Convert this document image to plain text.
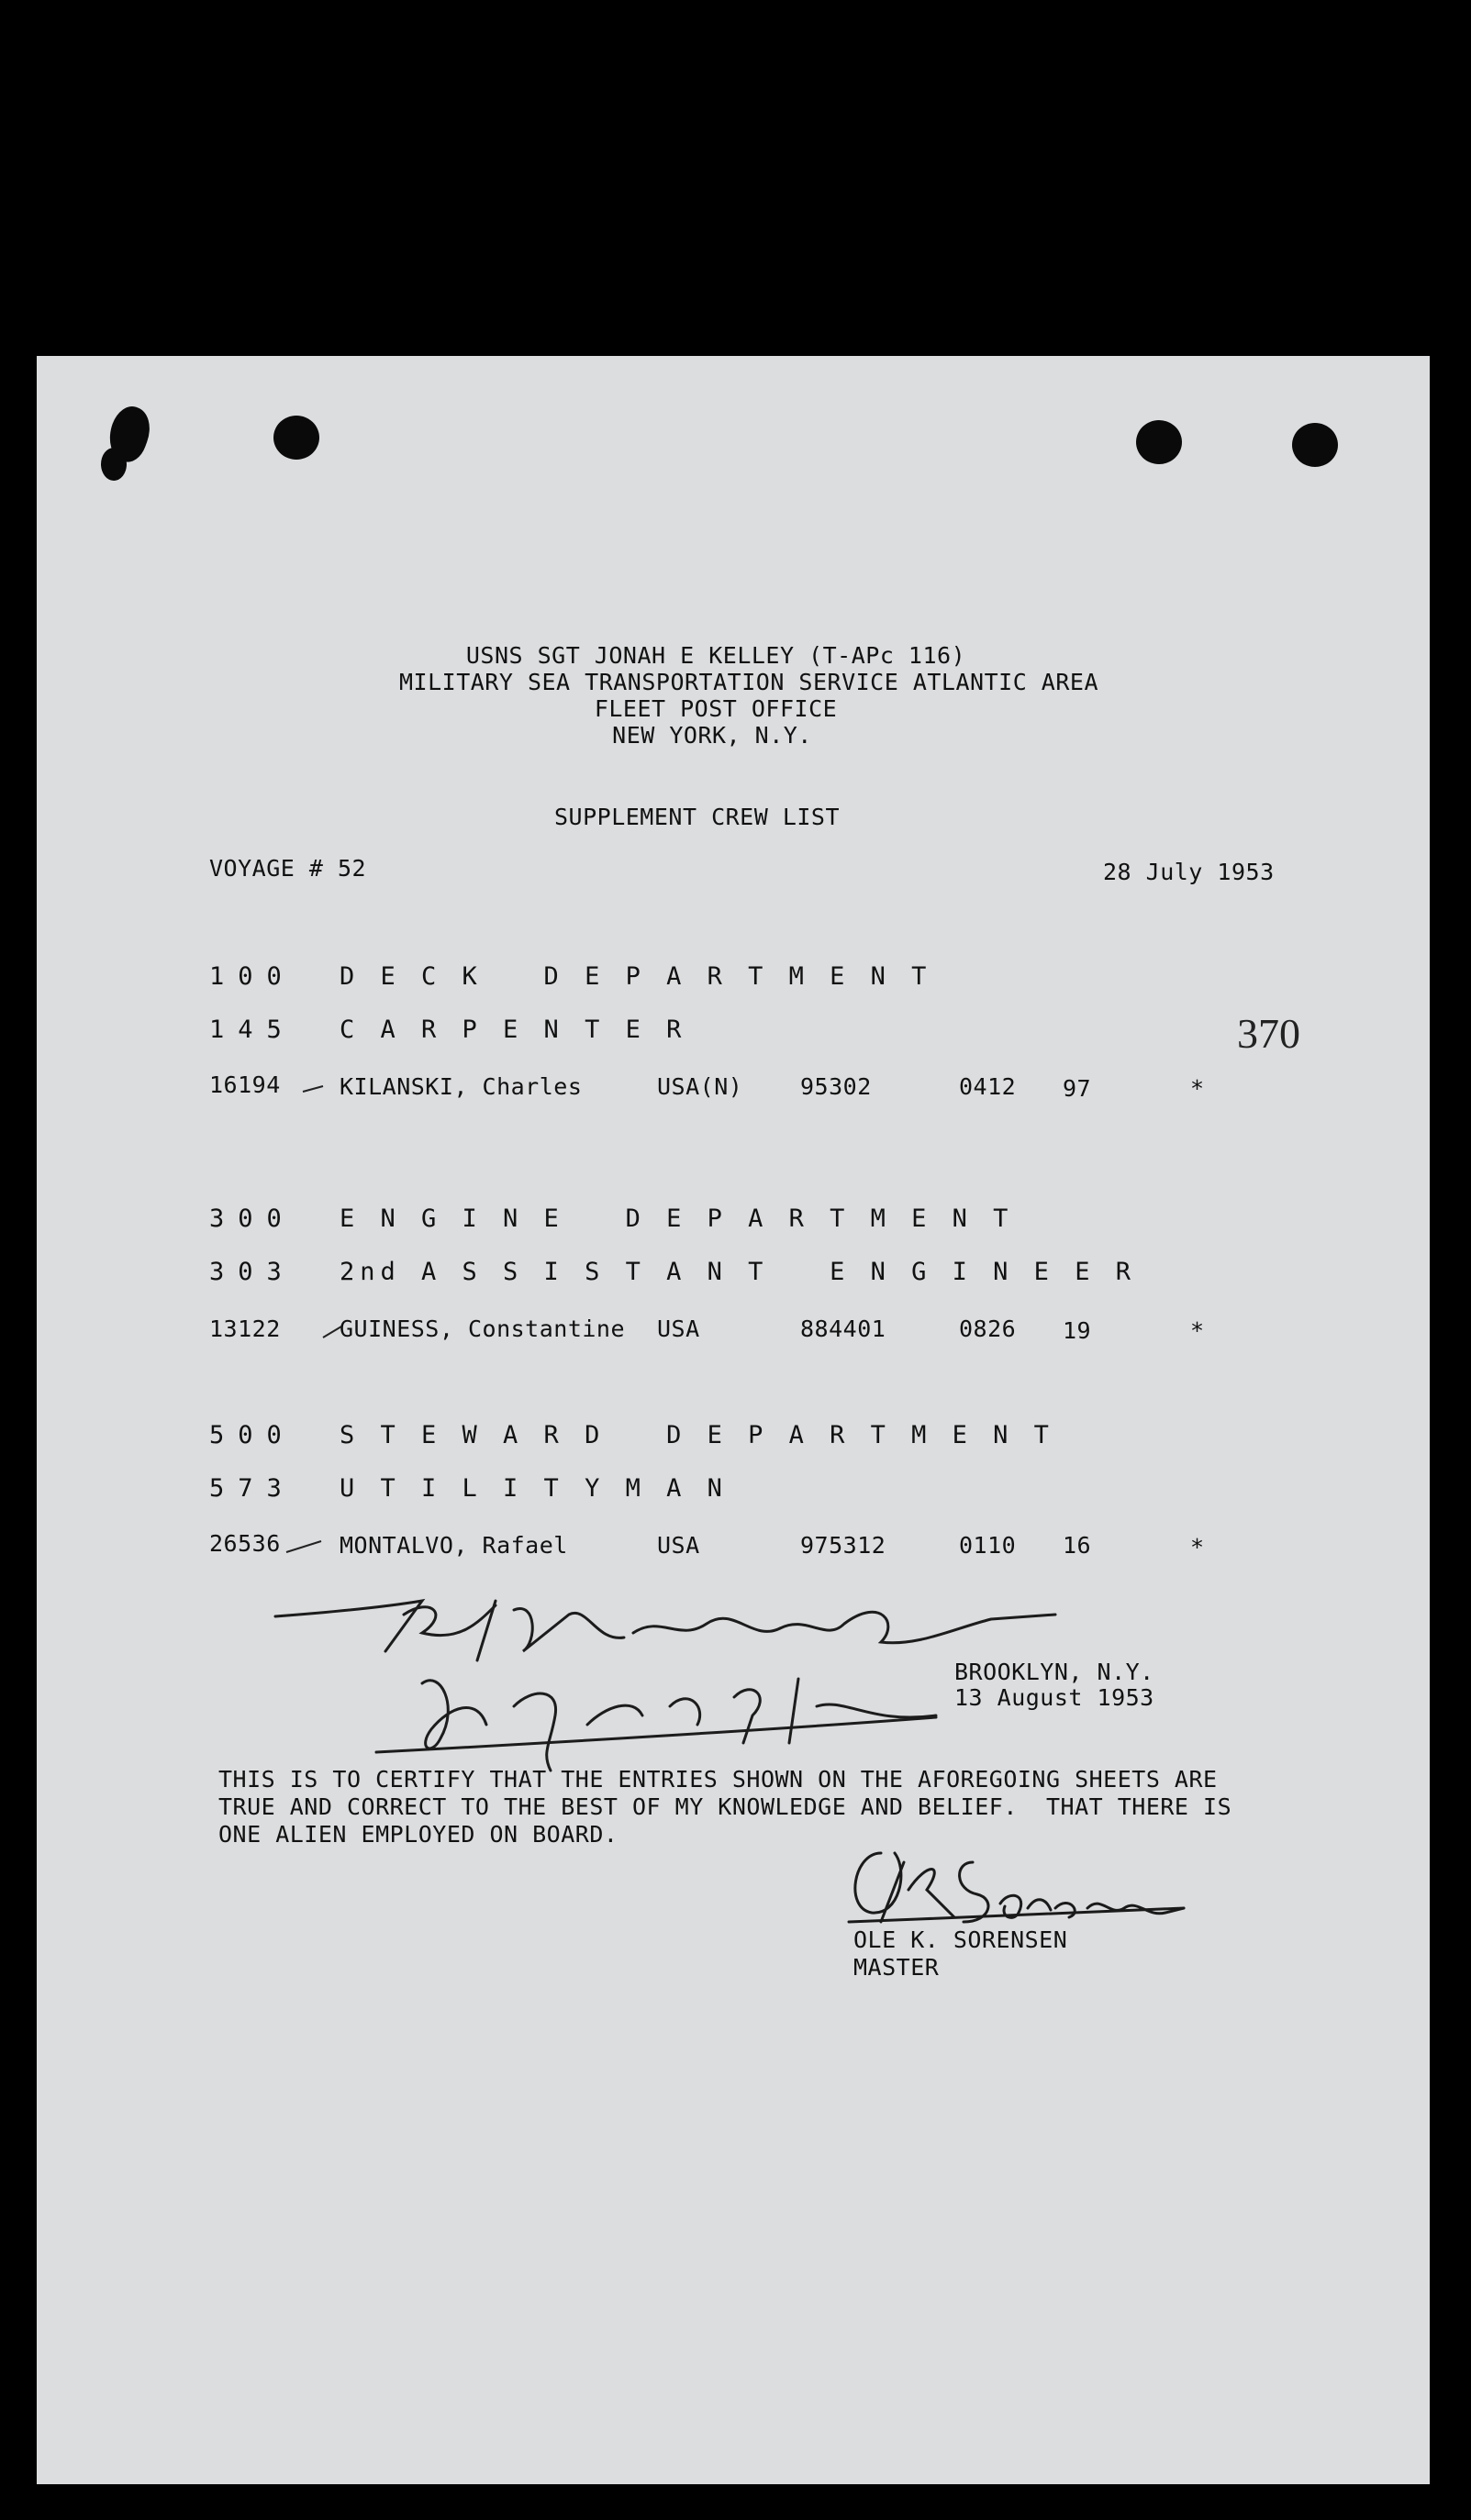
USNS SGT JONAH E KELLEY (T-APc 116)
MILITARY SEA TRANSPORTATION SERVICE ATLANTIC AREA
FLEET POST OFFICE
NEW YORK, N.Y.
SUPPLEMENT CREW LIST
VOYAGE # 52	28 July 1953
370
100 D E C K   D E P A R T M E N T
145 C A R P E N T E R
16194	KILANSKI, Charles	USA(N)	95302	0412 97	*
300 E N G I N E   D E P A R T M E N T
303 2nd A S S I S T A N T   E N G I N E E R
13122	GUINESS, Constantine USA	884401	0826 19	*
500 S T E W A R D   D E P A R T M E N T
573 U T I L I T Y M A N
26536	MONTALVO, Rafael	USA	975312	0110 16	*
BROOKLYN, N.Y.
13 August 1953
THIS IS TO CERTIFY THAT THE ENTRIES SHOWN ON THE AFOREGOING SHEETS ARE
TRUE AND CORRECT TO THE BEST OF MY KNOWLEDGE AND BELIEF.  THAT THERE IS
ONE ALIEN EMPLOYED ON BOARD.
OLE K. SORENSEN
MASTER
